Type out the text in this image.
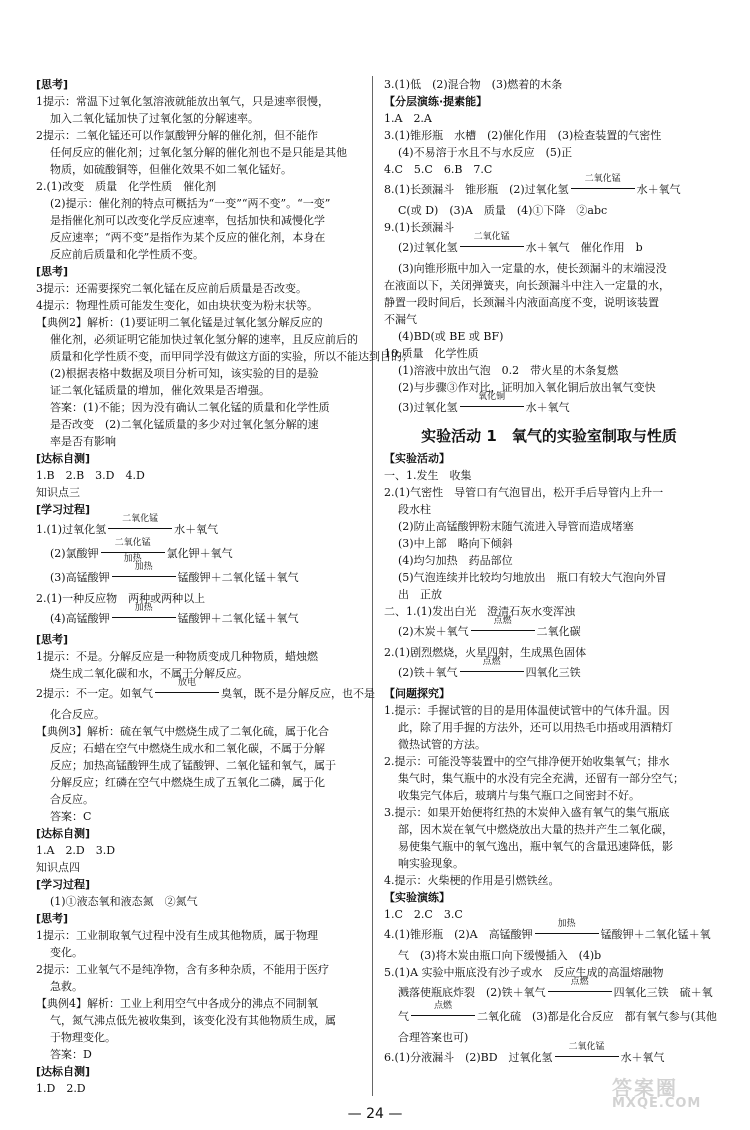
[思考]
1提示：常温下过氧化氢溶液就能放出氧气，只是速率很慢，
加入二氧化锰加快了过氧化氢的分解速率。
2提示：二氧化锰还可以作氯酸钾分解的催化剂，但不能作
任何反应的催化剂；过氧化氢分解的催化剂也不是只能是其他
物质，如硫酸铜等，但催化效果不如二氧化锰好。
2.(1)改变　质量　化学性质　催化剂
(2)提示：催化剂的特点可概括为“一变”“两不变”。“一变”
是指催化剂可以改变化学反应速率，包括加快和减慢化学
反应速率；“两不变”是指作为某个反应的催化剂，本身在
反应前后质量和化学性质不变。
[思考]
3提示：还需要探究二氧化锰在反应前后质量是否改变。
4提示：物理性质可能发生变化，如由块状变为粉末状等。
【典例2】解析：(1)要证明二氧化锰是过氧化氢分解反应的
催化剂，必须证明它能加快过氧化氢分解的速率，且反应前后的
质量和化学性质不变，而甲同学没有做这方面的实验，所以不能达到目的；
(2)根据表格中数据及项目分析可知，该实验的目的是验
证二氧化锰质量的增加，催化效果是否增强。
答案：(1)不能；因为没有确认二氧化锰的质量和化学性质
是否改变　(2)二氧化锰质量的多少对过氧化氢分解的速
率是否有影响
[达标自测]
1.B　2.B　3.D　4.D
知识点三
[学习过程]
1.(1)过氧化氢
二氧化锰
水＋氧气
(2)氯酸钾
二氧化锰
加热	氯化钾＋氧气
(3)高锰酸钾
加热
锰酸钾＋二氧化锰＋氧气
2.(1)一种反应物　两种或两种以上
(4)高锰酸钾
加热
锰酸钾＋二氧化锰＋氧气
[思考]
1提示：不是。分解反应是一种物质变成几种物质，蜡烛燃
烧生成二氧化碳和水，不属于分解反应。
2提示：不一定。如氧气
放电
臭氧，既不是分解反应，也不是
化合反应。
【典例3】解析：硫在氧气中燃烧生成了二氧化硫，属于化合
反应；石蜡在空气中燃烧生成水和二氧化碳，不属于分解
反应；加热高锰酸钾生成了锰酸钾、二氧化锰和氧气，属于
分解反应；红磷在空气中燃烧生成了五氧化二磷，属于化
合反应。
答案：C
[达标自测]
1.A　2.D　3.D
知识点四
[学习过程]
(1)①液态氧和液态氮　②氮气
[思考]
1提示：工业制取氧气过程中没有生成其他物质，属于物理
变化。
2提示：工业氧气不是纯净物，含有多种杂质，不能用于医疗
急救。
【典例4】解析：工业上利用空气中各成分的沸点不同制氧
气，氮气沸点低先被收集到，该变化没有其他物质生成，属
于物理变化。
答案：D
[达标自测]
1.D　2.D
3.(1)低　(2)混合物　(3)燃着的木条
【分层演练·提素能】
1.A　2.A
3.(1)锥形瓶　水槽　(2)催化作用　(3)检查装置的气密性
(4)不易溶于水且不与水反应　(5)正
4.C　5.C　6.B　7.C
8.(1)长颈漏斗　锥形瓶　(2)过氧化氢
二氧化锰
水＋氧气
C(或 D)　(3)A　质量　(4)①下降　②abc
9.(1)长颈漏斗
(2)过氧化氢
二氧化锰
水＋氧气　催化作用　b
(3)向锥形瓶中加入一定量的水，使长颈漏斗的末端浸没
在液面以下，关闭弹簧夹，向长颈漏斗中注入一定量的水，
静置一段时间后，长颈漏斗内液面高度不变，说明该装置
不漏气
(4)BD(或 BE 或 BF)
10.质量　化学性质
(1)溶液中放出气泡　0.2　带火星的木条复燃
(2)与步骤③作对比，证明加入氧化铜后放出氧气变快
(3)过氧化氢
氧化铜
水＋氧气
实验活动 1　氧气的实验室制取与性质
【实验活动】
一、1.发生　收集
2.(1)气密性　导管口有气泡冒出，松开手后导管内上升一
段水柱
(2)防止高锰酸钾粉末随气流进入导管而造成堵塞
(3)中上部　略向下倾斜
(4)均匀加热　药品部位
(5)气泡连续并比较均匀地放出　瓶口有较大气泡向外冒
出　正放
二、1.(1)发出白光　澄清石灰水变浑浊
(2)木炭＋氧气
点燃
二氧化碳
2.(1)剧烈燃烧，火星四射，生成黑色固体
(2)铁＋氧气
点燃
四氧化三铁
【问题探究】
1.提示：手握试管的目的是用体温使试管中的气体升温。因
此，除了用手握的方法外，还可以用热毛巾捂或用酒精灯
微热试管的方法。
2.提示：可能没等装置中的空气排净便开始收集氧气；排水
集气时，集气瓶中的水没有完全充满，还留有一部分空气；
收集完气体后，玻璃片与集气瓶口之间密封不好。
3.提示：如果开始便将红热的木炭伸入盛有氧气的集气瓶底
部，因木炭在氧气中燃烧放出大量的热并产生二氧化碳，
易使集气瓶中的氧气逸出，瓶中氧气的含量迅速降低，影
响实验现象。
4.提示：火柴梗的作用是引燃铁丝。
【实验演练】
1.C　2.C　3.C
4.(1)锥形瓶　(2)A　高锰酸钾
加热
锰酸钾＋二氧化锰＋氧
气　(3)将木炭由瓶口向下缓慢插入　(4)b
5.(1)A 实验中瓶底没有沙子或水　反应生成的高温熔融物
溅落使瓶底炸裂　(2)铁＋氧气
点燃
四氧化三铁　硫＋氧
气
点燃
二氧化硫　(3)都是化合反应　都有氧气参与(其他
合理答案也可)
6.(1)分液漏斗　(2)BD　过氧化氢
二氧化锰
水＋氧气
— 24 —
答案圈
MXQE.COM
